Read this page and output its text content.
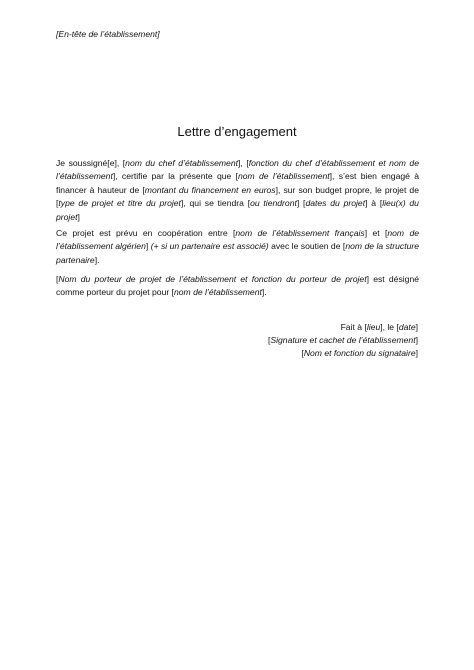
[En-tête de l’établissement]
Lettre d’engagement
Je soussigné[e], [nom du chef d’établissement], [fonction du chef d’établissement et nom de l’établissement], certifie par la présente que [nom de l’établissement], s’est bien engagé à financer à hauteur de [montant du financement en euros], sur son budget propre, le projet de [type de projet et titre du projet], qui se tiendra [ou tiendront] [dates du projet] à [lieu(x) du projet]
Ce projet est prévu en coopération entre [nom de l’établissement français] et [nom de l’établissement algérien] (+ si un partenaire est associé) avec le soutien de [nom de la structure partenaire].
[Nom du porteur de projet de l’établissement et fonction du porteur de projet] est désigné comme porteur du projet pour [nom de l’établissement].
Fait à [lieu], le [date]
[Signature et cachet de l’établissement]
[Nom et fonction du signataire]
